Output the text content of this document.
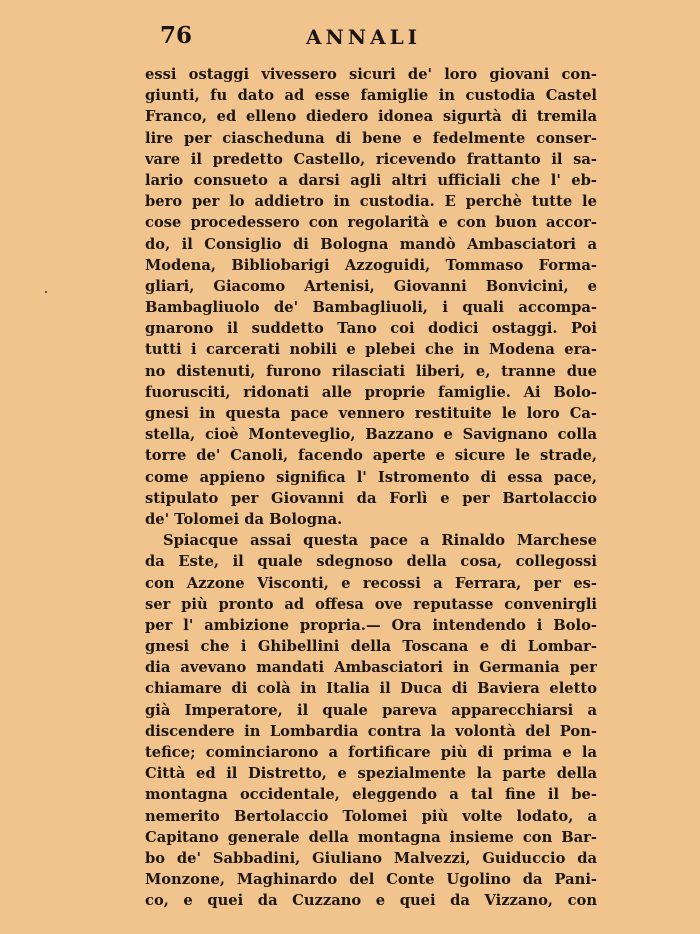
76	ANNALI
essi ostaggi vivessero sicuri de' loro giovani con-
giunti, fu dato ad esse famiglie in custodia Castel
Franco, ed elleno diedero idonea sigurtà di tremila
lire per ciascheduna di bene e fedelmente conser-
vare il predetto Castello, ricevendo frattanto il sa-
lario consueto a darsi agli altri ufficiali che l' eb-
bero per lo addietro in custodia. E perchè tutte le
cose procedessero con regolarità e con buon accor-
do, il Consiglio di Bologna mandò Ambasciatori a
Modena, Bibliobarigi Azzoguidi, Tommaso Forma-
gliari, Giacomo Artenisi, Giovanni Bonvicini, e
Bambagliuolo de' Bambagliuoli, i quali accompa-
gnarono il suddetto Tano coi dodici ostaggi. Poi
tutti i carcerati nobili e plebei che in Modena era-
no distenuti, furono rilasciati liberi, e, tranne due
fuorusciti, ridonati alle proprie famiglie. Ai Bolo-
gnesi in questa pace vennero restituite le loro Ca-
stella, cioè Monteveglio, Bazzano e Savignano colla
torre de' Canoli, facendo aperte e sicure le strade,
come appieno significa l' Istromento di essa pace,
stipulato per Giovanni da Forlì e per Bartolaccio
de' Tolomei da Bologna.
Spiacque assai questa pace a Rinaldo Marchese
da Este, il quale sdegnoso della cosa, collegossi
con Azzone Visconti, e recossi a Ferrara, per es-
ser più pronto ad offesa ove reputasse convenirgli
per l' ambizione propria.— Ora intendendo i Bolo-
gnesi che i Ghibellini della Toscana e di Lombar-
dia avevano mandati Ambasciatori in Germania per
chiamare di colà in Italia il Duca di Baviera eletto
già Imperatore, il quale pareva apparecchiarsi a
discendere in Lombardia contra la volontà del Pon-
tefice; cominciarono a fortificare più di prima e la
Città ed il Distretto, e spezialmente la parte della
montagna occidentale, eleggendo a tal fine il be-
nemerito Bertolaccio Tolomei più volte lodato, a
Capitano generale della montagna insieme con Bar-
bo de' Sabbadini, Giuliano Malvezzi, Guiduccio da
Monzone, Maghinardo del Conte Ugolino da Pani-
co, e quei da Cuzzano e quei da Vizzano, con
